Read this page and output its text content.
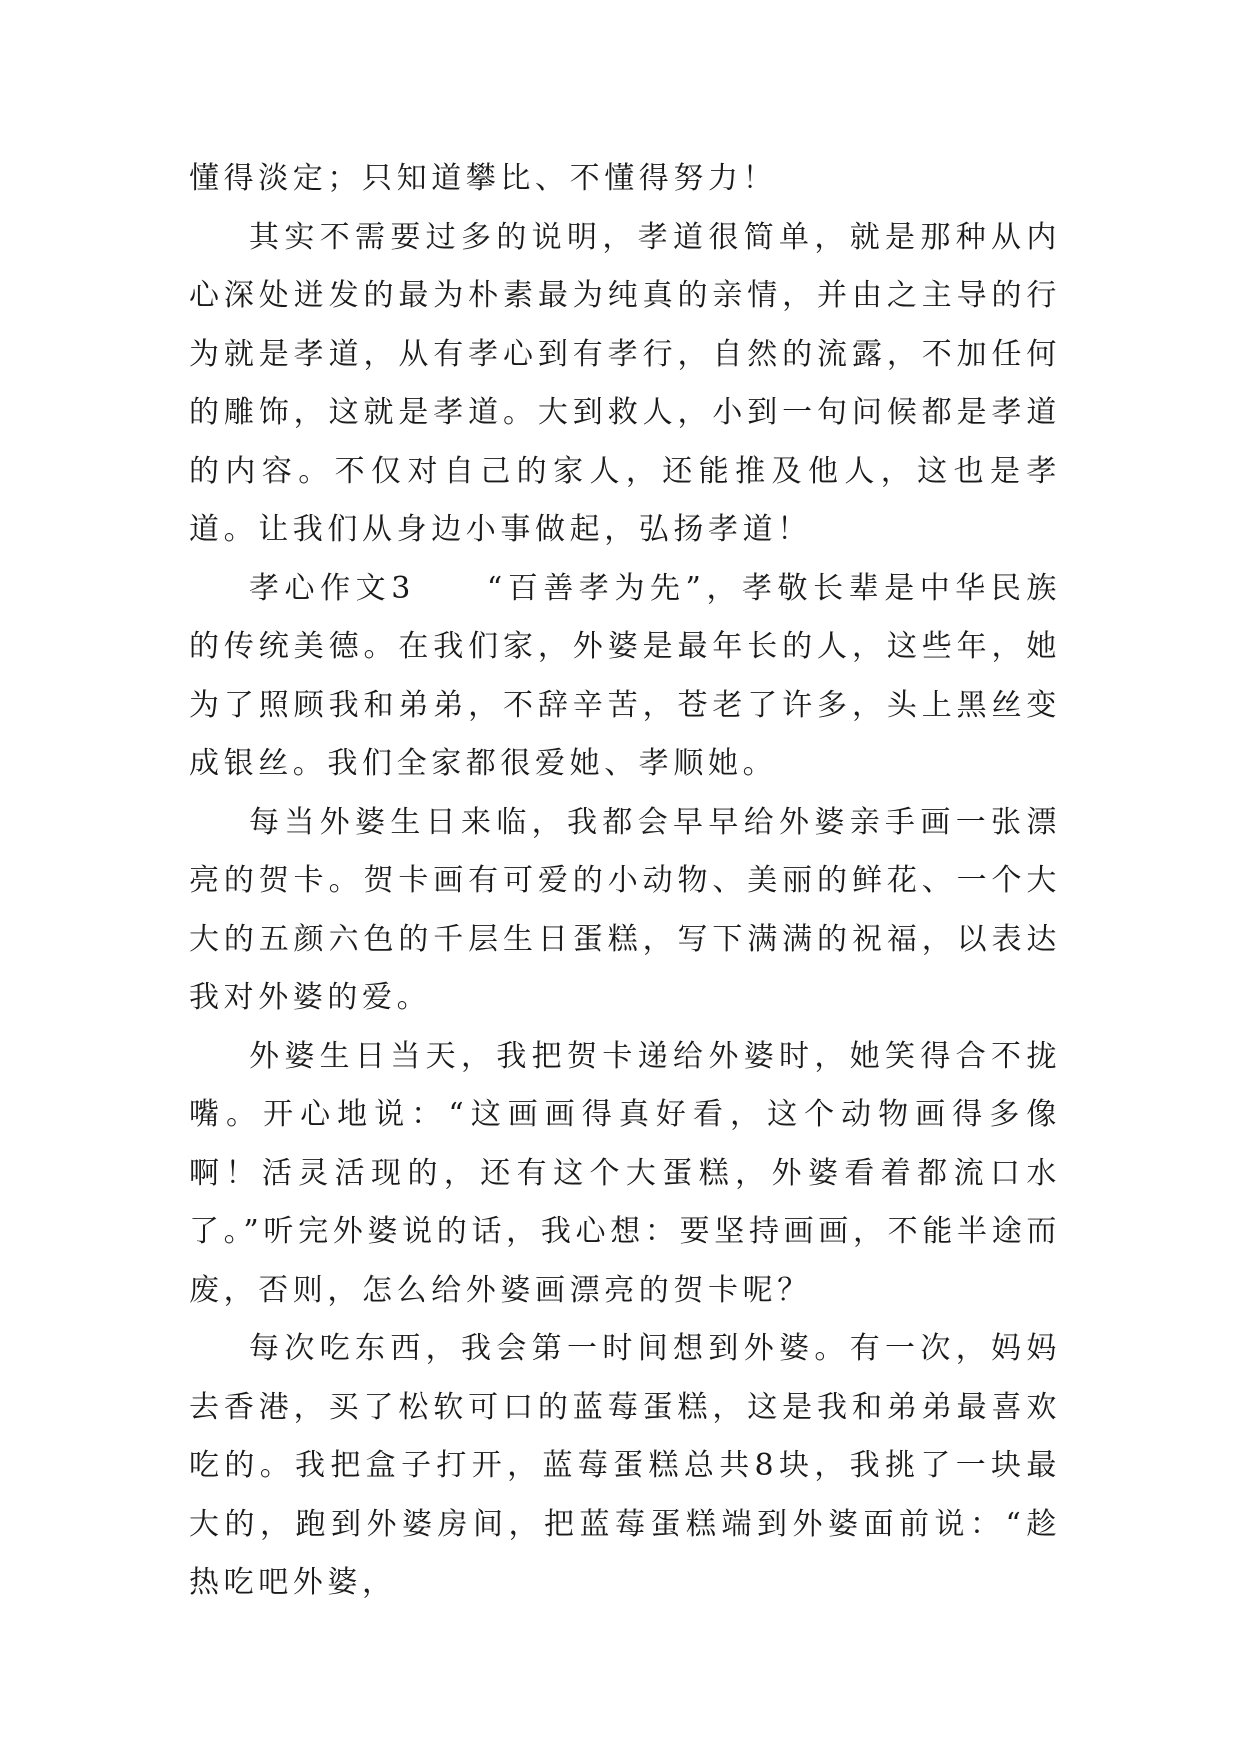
懂得淡定；只知道攀比、不懂得努力！

其实不需要过多的说明，孝道很简单，就是那种从内心深处迸发的最为朴素最为纯真的亲情，并由之主导的行为就是孝道，从有孝心到有孝行，自然的流露，不加任何的雕饰，这就是孝道。大到救人，小到一句问候都是孝道的内容。不仅对自己的家人，还能推及他人，这也是孝道。让我们从身边小事做起，弘扬孝道！

孝心作文3　　“百善孝为先”，孝敬长辈是中华民族的传统美德。在我们家，外婆是最年长的人，这些年，她为了照顾我和弟弟，不辞辛苦，苍老了许多，头上黑丝变成银丝。我们全家都很爱她、孝顺她。

每当外婆生日来临，我都会早早给外婆亲手画一张漂亮的贺卡。贺卡画有可爱的小动物、美丽的鲜花、一个大大的五颜六色的千层生日蛋糕，写下满满的祝福，以表达我对外婆的爱。

外婆生日当天，我把贺卡递给外婆时，她笑得合不拢嘴。开心地说：“这画画得真好看，这个动物画得多像啊！活灵活现的，还有这个大蛋糕，外婆看着都流口水了。”听完外婆说的话，我心想：要坚持画画，不能半途而废，否则，怎么给外婆画漂亮的贺卡呢？

每次吃东西，我会第一时间想到外婆。有一次，妈妈去香港，买了松软可口的蓝莓蛋糕，这是我和弟弟最喜欢吃的。我把盒子打开，蓝莓蛋糕总共8块，我挑了一块最大的，跑到外婆房间，把蓝莓蛋糕端到外婆面前说：“趁热吃吧外婆，
